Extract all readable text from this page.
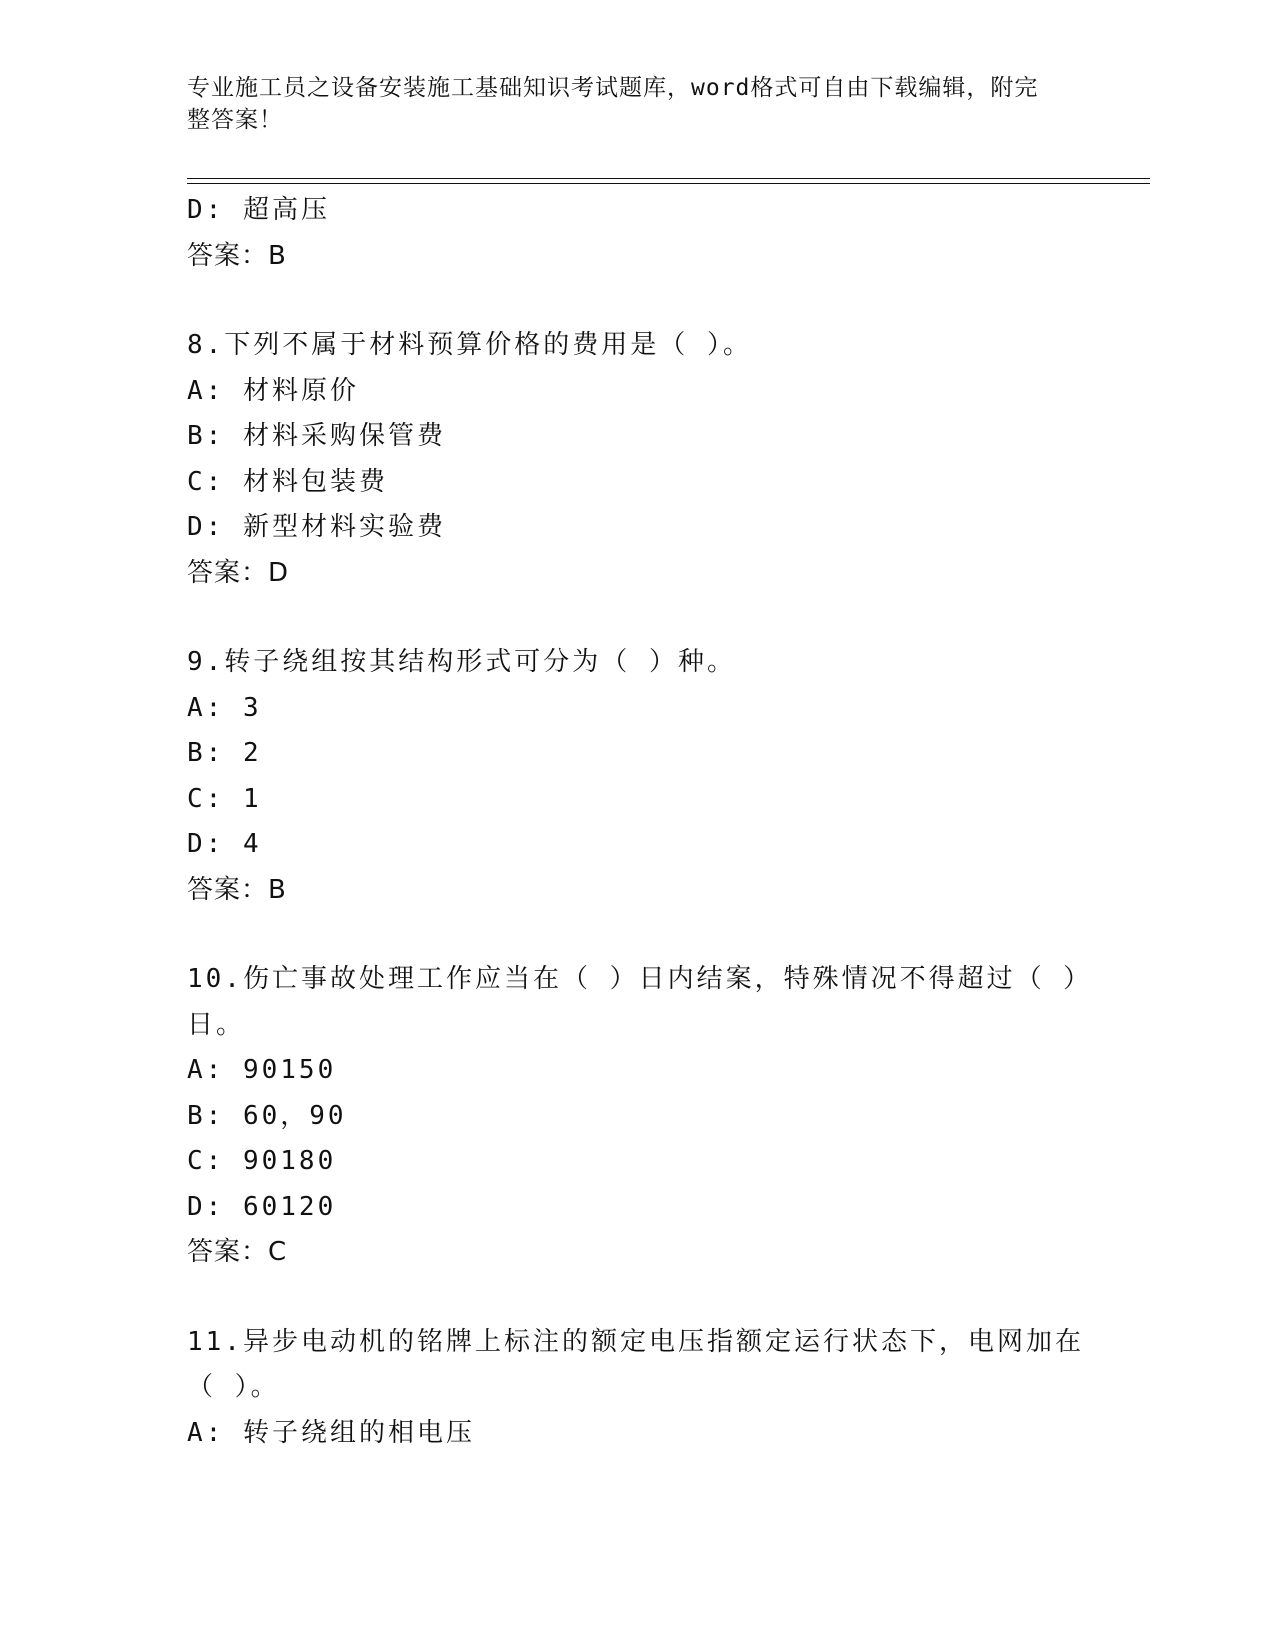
专业施工员之设备安装施工基础知识考试题库，word格式可自由下载编辑，附完
整答案！
D: 超高压
答案：B
8.下列不属于材料预算价格的费用是（ ）。
A: 材料原价
B: 材料采购保管费
C: 材料包装费
D: 新型材料实验费
答案：D
9.转子绕组按其结构形式可分为（ ）种。
A: 3
B: 2
C: 1
D: 4
答案：B
10.伤亡事故处理工作应当在（ ）日内结案，特殊情况不得超过（ ）
日。
A: 90150
B: 60，90
C: 90180
D: 60120
答案：C
11.异步电动机的铭牌上标注的额定电压指额定运行状态下，电网加在
（ ）。
A: 转子绕组的相电压
